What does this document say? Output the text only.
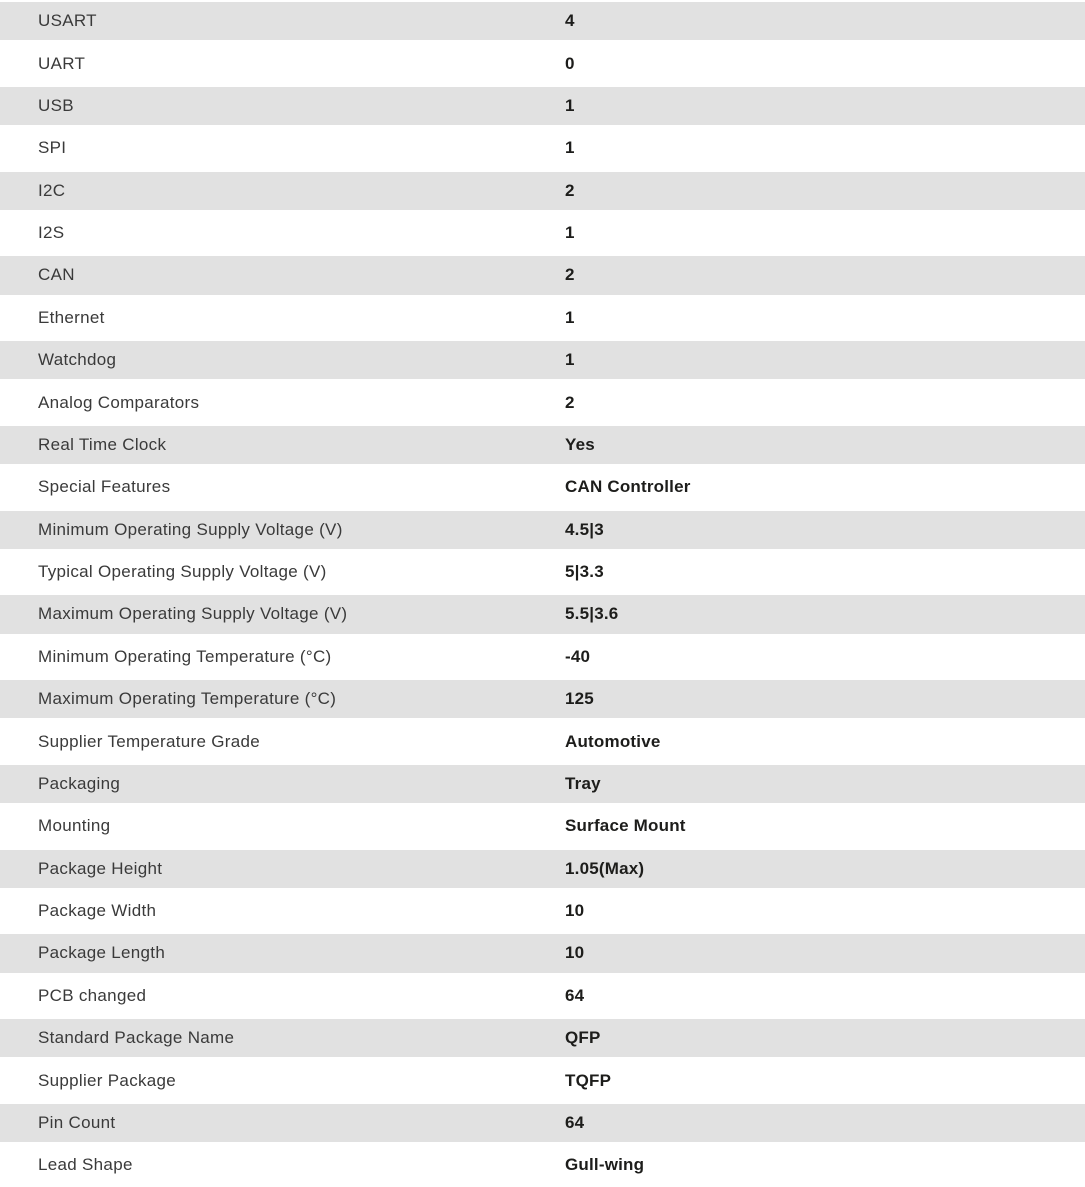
USART	4
UART	0
USB	1
SPI	1
I2C	2
I2S	1
CAN	2
Ethernet	1
Watchdog	1
Analog Comparators	2
Real Time Clock	Yes
Special Features	CAN Controller
Minimum Operating Supply Voltage (V)	4.5|3
Typical Operating Supply Voltage (V)	5|3.3
Maximum Operating Supply Voltage (V)	5.5|3.6
Minimum Operating Temperature (°C)	-40
Maximum Operating Temperature (°C)	125
Supplier Temperature Grade	Automotive
Packaging	Tray
Mounting	Surface Mount
Package Height	1.05(Max)
Package Width	10
Package Length	10
PCB changed	64
Standard Package Name	QFP
Supplier Package	TQFP
Pin Count	64
Lead Shape	Gull-wing
